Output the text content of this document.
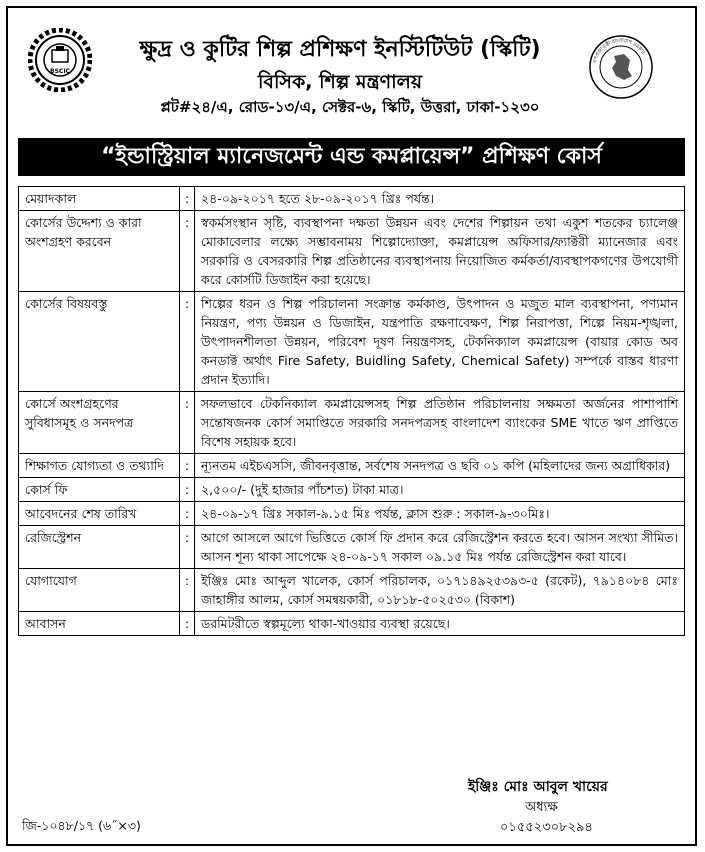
BSCIC
গণপ্রজাতন্ত্রী বাংলাদেশ সরকার
ক্ষুদ্র ও কুটির শিল্প প্রশিক্ষণ ইনস্টিটিউট (স্কিটি)
বিসিক, শিল্প মন্ত্রণালয়
প্লট#২৪/এ, রোড-১৩/এ, সেক্টর-৬, স্কিটি, উত্তরা, ঢাকা-১২৩০
“ইন্ডাস্ট্রিয়াল ম্যানেজমেন্ট এন্ড কমপ্লায়েন্স” প্রশিক্ষণ কোর্স
মেয়াদকাল	:	২৪-০৯-২০১৭ হতে ২৮-০৯-২০১৭ খ্রিঃ পর্যন্ত।
কোর্সের উদ্দেশ্য ও কারা অংশগ্রহণ করবেন	:	স্বকর্মসংস্থান সৃষ্টি, ব্যবস্থাপনা দক্ষতা উন্নয়ন এবং দেশের শিল্পায়ন তথা একুশ শতকের চ্যালেঞ্জ মোকাবেলার লক্ষ্যে সম্ভাবনাময় শিল্পোদ্যোক্তা, কমপ্লায়েন্স অফিসার/ফ্যাক্টরী ম্যানেজার এবং সরকারি ও বেসরকারি শিল্প প্রতিষ্ঠানের ব্যবস্থাপনায় নিয়োজিত কর্মকর্তা/ব্যবস্থাপকগণের উপযোগী করে কোর্সটি ডিজাইন করা হয়েছে।
কোর্সের বিষয়বস্তু	:	শিল্পের ধরন ও শিল্প পরিচালনা সংক্রান্ত কর্মকাণ্ড, উৎপাদন ও মজুত মাল ব্যবস্থাপনা, পণ্যমান নিয়ন্ত্রণ, পণ্য উন্নয়ন ও ডিজাইন, যন্ত্রপাতি রক্ষণাবেক্ষণ, শিল্প নিরাপত্তা, শিল্পে নিয়ম-শৃঙ্খলা, উৎপাদনশীলতা উন্নয়ন, পরিবেশ দূষণ নিয়ন্ত্রণসহ, টেকনিক্যাল কমপ্লায়েন্স (বায়ার কোড অব কনডাক্ট অর্থাৎ Fire Safety, Buidling Safety, Chemical Safety) সম্পর্কে বাস্তব ধারণা প্রদান ইত্যাদি।
কোর্সে অংশগ্রহণের সুবিধাসমূহ ও সনদপত্র	:	সফলভাবে টেকনিক্যাল কমপ্লায়েন্সসহ শিল্প প্রতিষ্ঠান পরিচালনায় সক্ষমতা অর্জনের পাশাপাশি সন্তোষজনক কোর্স সমাপ্তিতে সরকারি সনদপত্রসহ বাংলাদেশ ব্যাংকের SME খাতে ঋণ প্রাপ্তিতে বিশেষ সহায়ক হবে।
শিক্ষাগত যোগ্যতা ও তথ্যাদি	:	ন্যূনতম এইচএসসি, জীবনবৃত্তান্ত, সর্বশেষ সনদপত্র ও ছবি ০১ কপি (মহিলাদের জন্য অগ্রাধিকার)
কোর্স ফি	:	২,৫০০/- (দুই হাজার পাঁচশত) টাকা মাত্র।
আবেদনের শেষ তারিখ	:	২৪-০৯-১৭ খ্রিঃ সকাল-৯.১৫ মিঃ পর্যন্ত, ক্লাস শুরু : সকাল-৯-৩০মিঃ।
রেজিস্ট্রেশন	:	আগে আসলে আগে ভিত্তিতে কোর্স ফি প্রদান করে রেজিস্ট্রেশন করতে হবে। আসন সংখ্যা সীমিত। আসন শূন্য থাকা সাপেক্ষে ২৪-০৯-১৭ সকাল ০৯.১৫ মিঃ পর্যন্ত রেজিস্ট্রেশন করা যাবে।
যোগাযোগ	:	ইঞ্জিঃ মোঃ আব্দুল খালেক, কোর্স পরিচালক, ০১৭১৪৯২৫৩৯৩-৫ (রকেট), ৭৯১৪০৮৪ মোঃ জাহাঙ্গীর আলম, কোর্স সমন্বয়কারী, ০১৮১৮-৫০২৫৩০ (বিকাশ)
আবাসন	:	ডরমিটরীতে স্বল্পমূল্যে থাকা-খাওয়ার ব্যবস্থা রয়েছে।
ইঞ্জিঃ মোঃ আবুল খায়ের
অধ্যক্ষ
০১৫৫২৩০৮২৯৪
জি-১০৪৮/১৭ (৬˝×৩)
